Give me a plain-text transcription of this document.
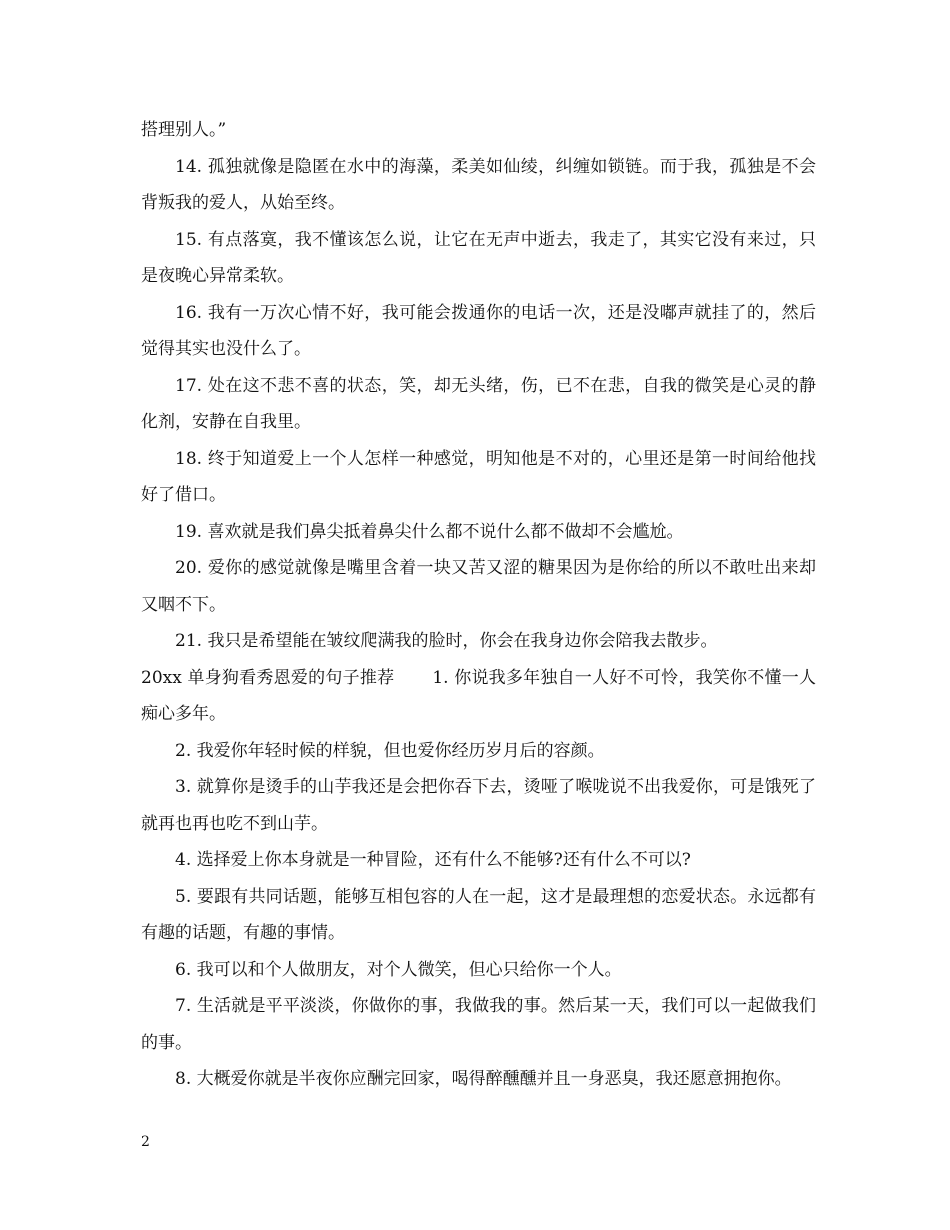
搭理别人。”

14. 孤独就像是隐匿在水中的海藻，柔美如仙绫，纠缠如锁链。而于我，孤独是不会背叛我的爱人，从始至终。

15. 有点落寞，我不懂该怎么说，让它在无声中逝去，我走了，其实它没有来过，只是夜晚心异常柔软。

16. 我有一万次心情不好，我可能会拨通你的电话一次，还是没嘟声就挂了的，然后觉得其实也没什么了。

17. 处在这不悲不喜的状态，笑，却无头绪，伤，已不在悲，自我的微笑是心灵的静化剂，安静在自我里。

18. 终于知道爱上一个人怎样一种感觉，明知他是不对的，心里还是第一时间给他找好了借口。

19. 喜欢就是我们鼻尖抵着鼻尖什么都不说什么都不做却不会尴尬。

20. 爱你的感觉就像是嘴里含着一块又苦又涩的糖果因为是你给的所以不敢吐出来却又咽不下。

21. 我只是希望能在皱纹爬满我的脸时，你会在我身边你会陪我去散步。

20xx 单身狗看秀恩爱的句子推荐 1. 你说我多年独自一人好不可怜，我笑你不懂一人痴心多年。

2. 我爱你年轻时候的样貌，但也爱你经历岁月后的容颜。

3. 就算你是烫手的山芋我还是会把你吞下去，烫哑了喉咙说不出我爱你，可是饿死了就再也再也吃不到山芋。

4. 选择爱上你本身就是一种冒险，还有什么不能够?还有什么不可以?

5. 要跟有共同话题，能够互相包容的人在一起，这才是最理想的恋爱状态。永远都有有趣的话题，有趣的事情。

6. 我可以和个人做朋友，对个人微笑，但心只给你一个人。

7. 生活就是平平淡淡，你做你的事，我做我的事。然后某一天，我们可以一起做我们的事。

8. 大概爱你就是半夜你应酬完回家，喝得醉醺醺并且一身恶臭，我还愿意拥抱你。

2
